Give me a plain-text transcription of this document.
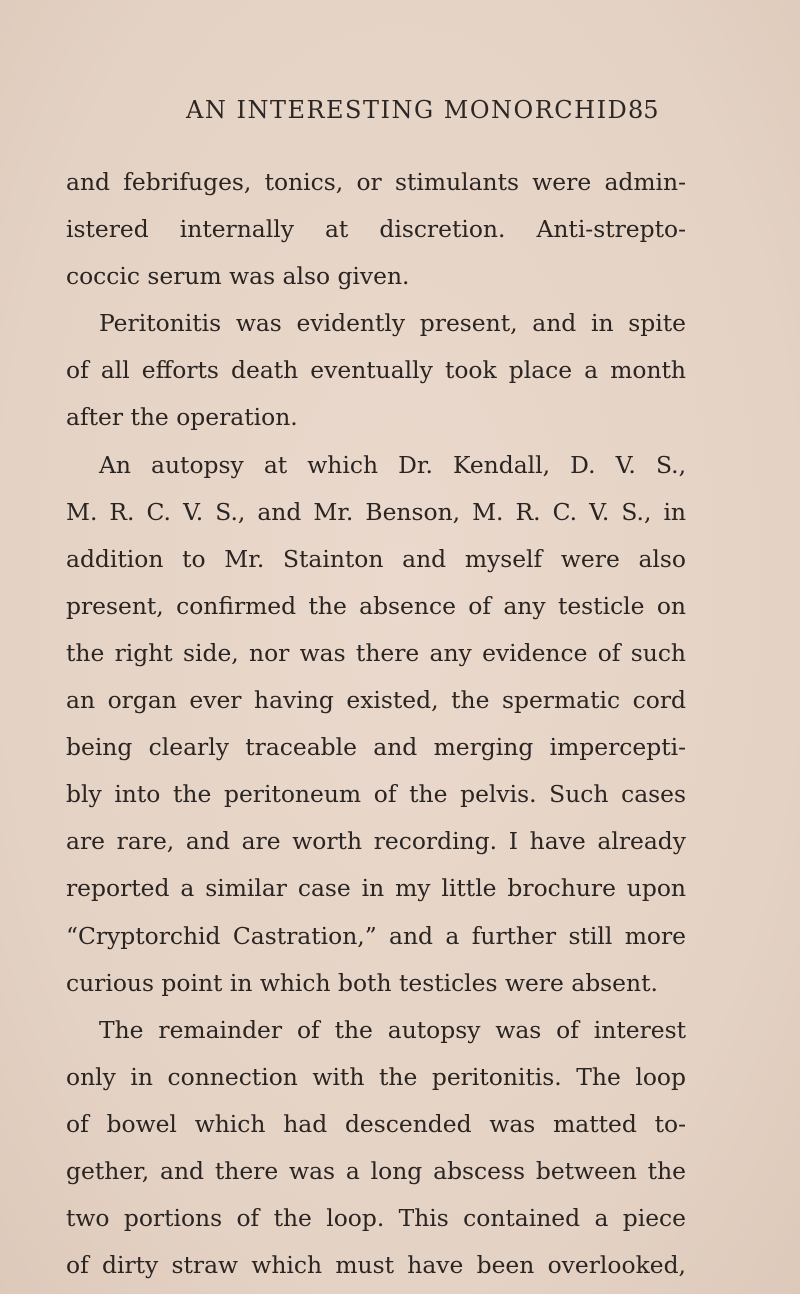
AN INTERESTING MONORCHID 85
and febrifuges, tonics, or stimulants were admin-
istered internally at discretion. Anti-strepto-
coccic serum was also given.
Peritonitis was evidently present, and in spite
of all efforts death eventually took place a month
after the operation.
An autopsy at which Dr. Kendall, D. V. S.,
M. R. C. V. S., and Mr. Benson, M. R. C. V. S., in
addition to Mr. Stainton and myself were also
present, confirmed the absence of any testicle on
the right side, nor was there any evidence of such
an organ ever having existed, the spermatic cord
being clearly traceable and merging impercepti-
bly into the peritoneum of the pelvis. Such cases
are rare, and are worth recording. I have already
reported a similar case in my little brochure upon
“Cryptorchid Castration,” and a further still more
curious point in which both testicles were absent.
The remainder of the autopsy was of interest
only in connection with the peritonitis. The loop
of bowel which had descended was matted to-
gether, and there was a long abscess between the
two portions of the loop. This contained a piece
of dirty straw which must have been overlooked,
